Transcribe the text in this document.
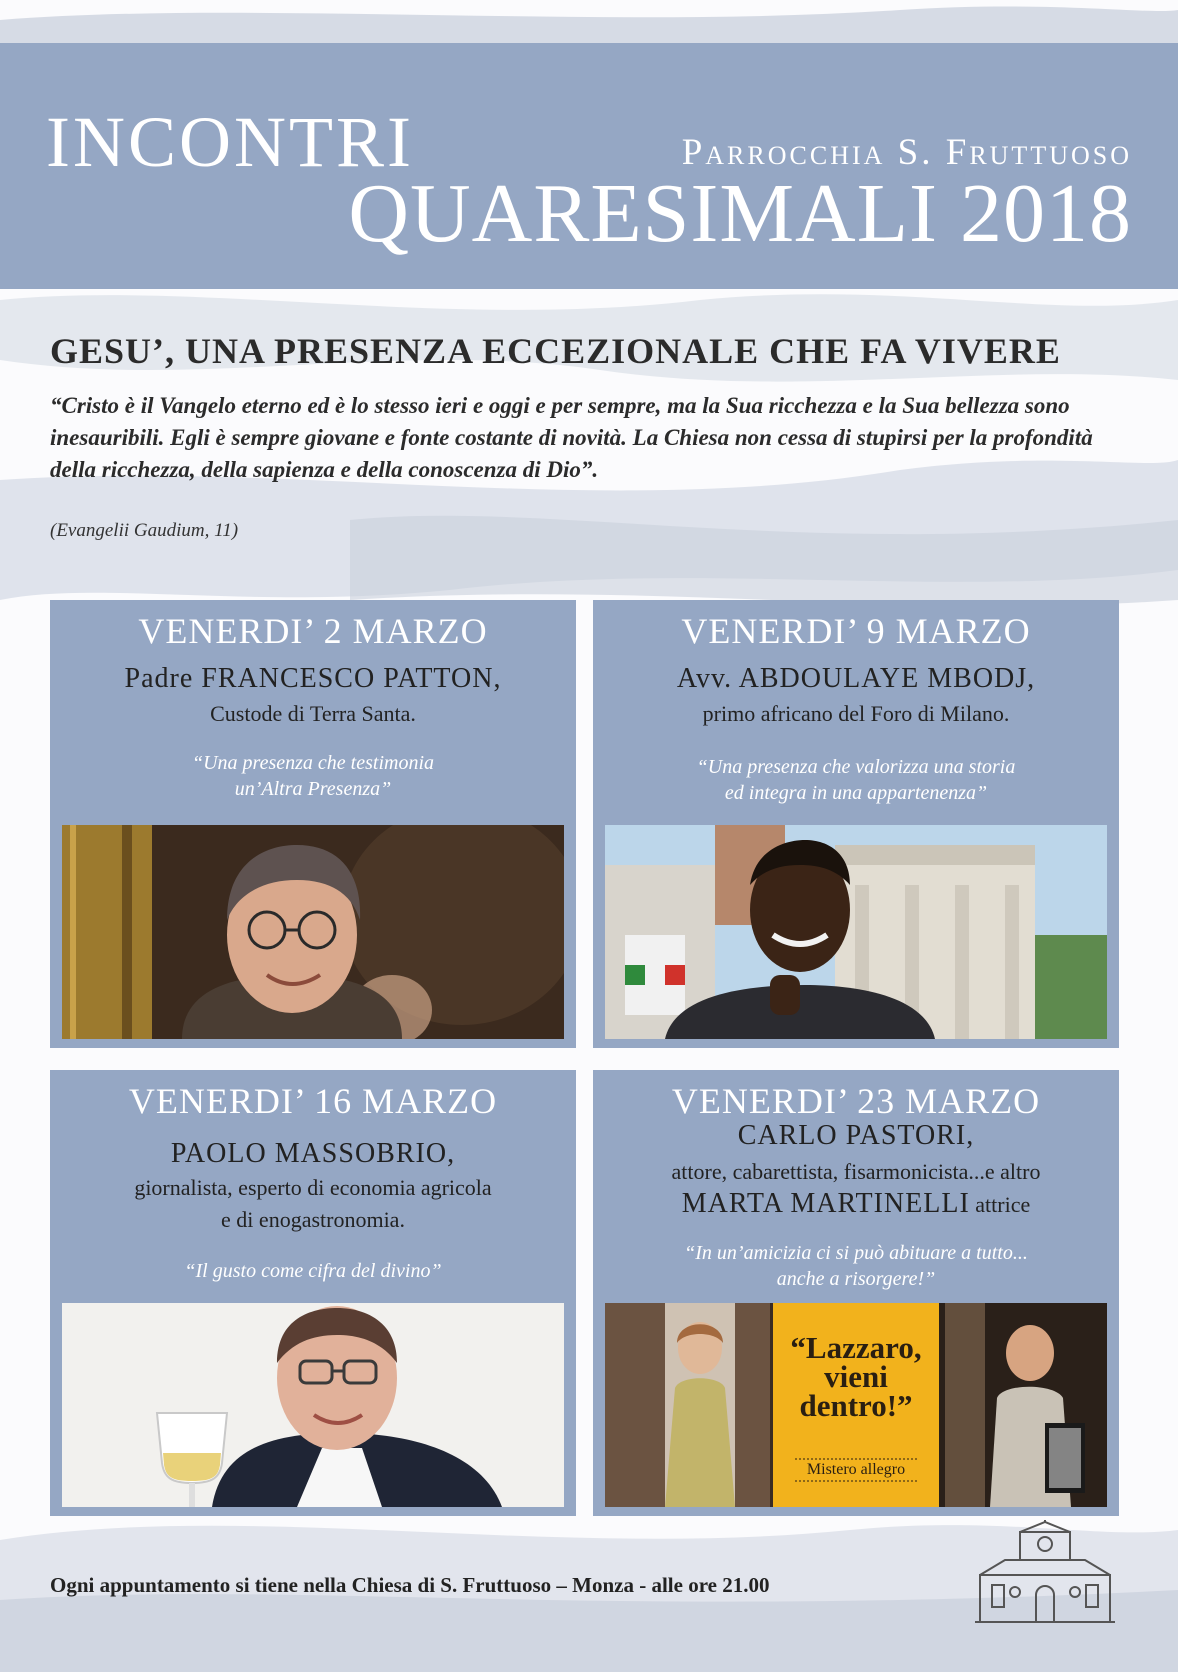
INCONTRI	Parrocchia S. Fruttuoso
QUARESIMALI 2018
GESU’, UNA PRESENZA ECCEZIONALE CHE FA VIVERE
“Cristo è il Vangelo eterno ed è lo stesso ieri e oggi e per sempre, ma la Sua ricchezza e la Sua bellezza sono inesauribili. Egli è sempre giovane e fonte costante di novità. La Chiesa non cessa di stupirsi per la profondità della ricchezza, della sapienza e della conoscenza di Dio”.
(Evangelii Gaudium, 11)
VENERDI’ 2 MARZO
Padre FRANCESCO PATTON,
Custode di Terra Santa.
“Una presenza che testimonia
un’Altra Presenza”
VENERDI’ 9 MARZO
Avv. ABDOULAYE MBODJ,
primo africano del Foro di Milano.
“Una presenza che valorizza una storia
ed integra in una appartenenza”
VENERDI’ 16 MARZO
PAOLO MASSOBRIO,
giornalista, esperto di economia agricola
e di enogastronomia.
“Il gusto come cifra del divino”
VENERDI’ 23 MARZO
CARLO PASTORI,
attore, cabarettista, fisarmonicista...e altro
MARTA MARTINELLI attrice
“In un’amicizia ci si può abituare a tutto...
anche a risorgere!”
“Lazzaro,
vieni
dentro!”
Mistero allegro
Ogni appuntamento si tiene nella Chiesa di S. Fruttuoso – Monza - alle ore 21.00
